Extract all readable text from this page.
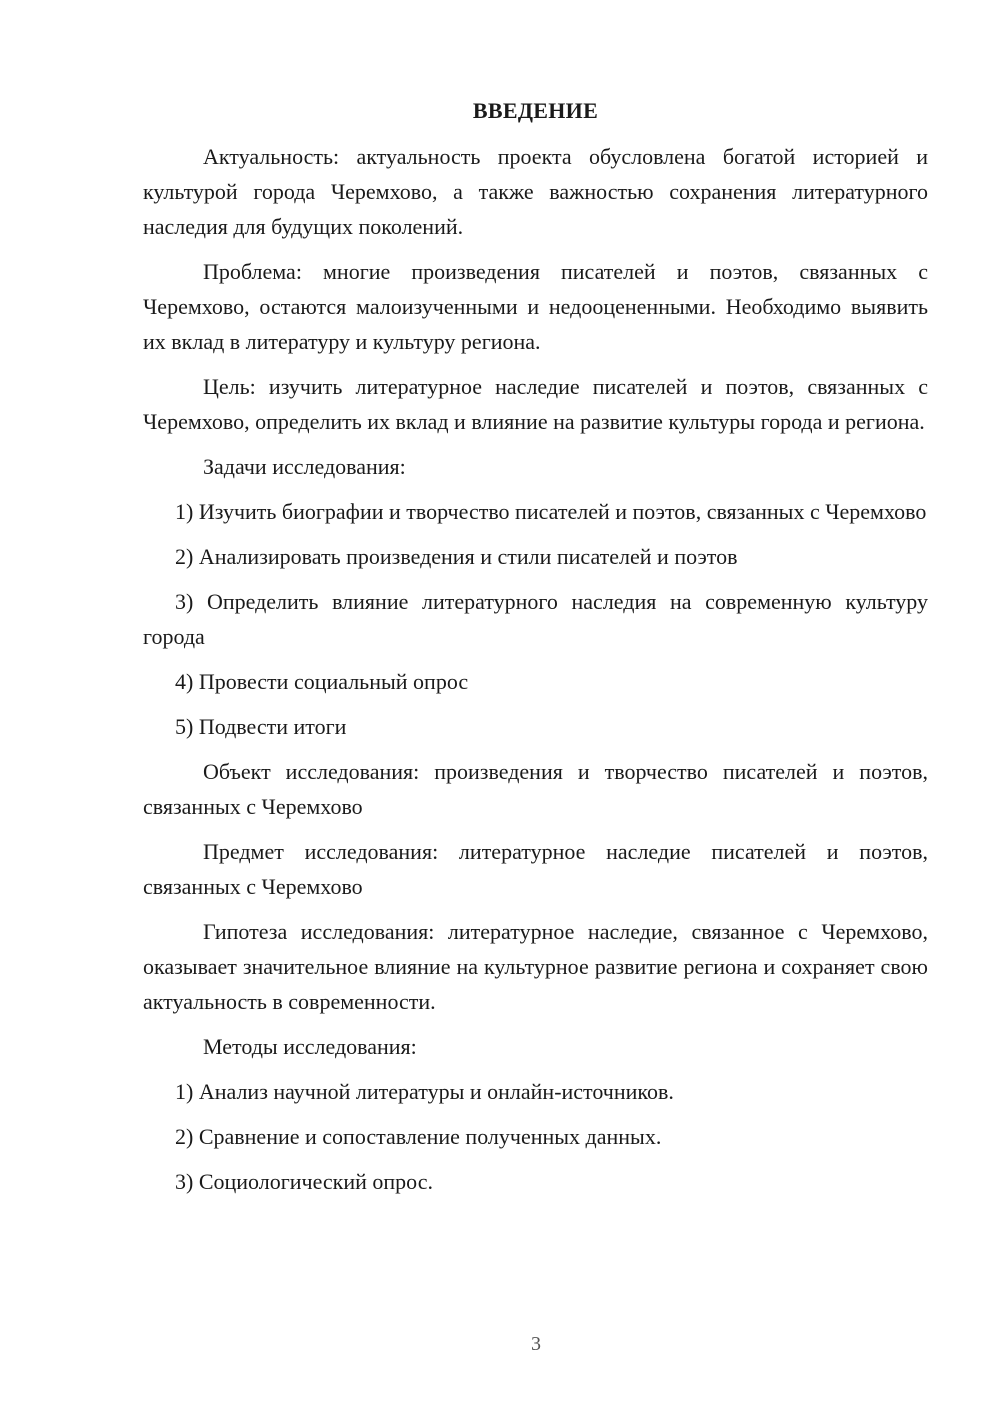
ВВЕДЕНИЕ

Актуальность: актуальность проекта обусловлена богатой историей и культурой города Черемхово, а также важностью сохранения литературного наследия для будущих поколений.

Проблема: многие произведения писателей и поэтов, связанных с Черемхово, остаются малоизученными и недооцененными. Необходимо выявить их вклад в литературу и культуру региона.

Цель: изучить литературное наследие писателей и поэтов, связанных с Черемхово, определить их вклад и влияние на развитие культуры города и региона.

Задачи исследования:

1) Изучить биографии и творчество писателей и поэтов, связанных с Черемхово

2) Анализировать произведения и стили писателей и поэтов

3) Определить влияние литературного наследия на современную культуру города

4) Провести социальный опрос

5) Подвести итоги

Объект исследования: произведения и творчество писателей и поэтов, связанных с Черемхово

Предмет исследования: литературное наследие писателей и поэтов, связанных с Черемхово

Гипотеза исследования: литературное наследие, связанное с Черемхово, оказывает значительное влияние на культурное развитие региона и сохраняет свою актуальность в современности.

Методы исследования:

1) Анализ научной литературы и онлайн-источников.

2) Сравнение и сопоставление полученных данных.

3) Социологический опрос.

3
